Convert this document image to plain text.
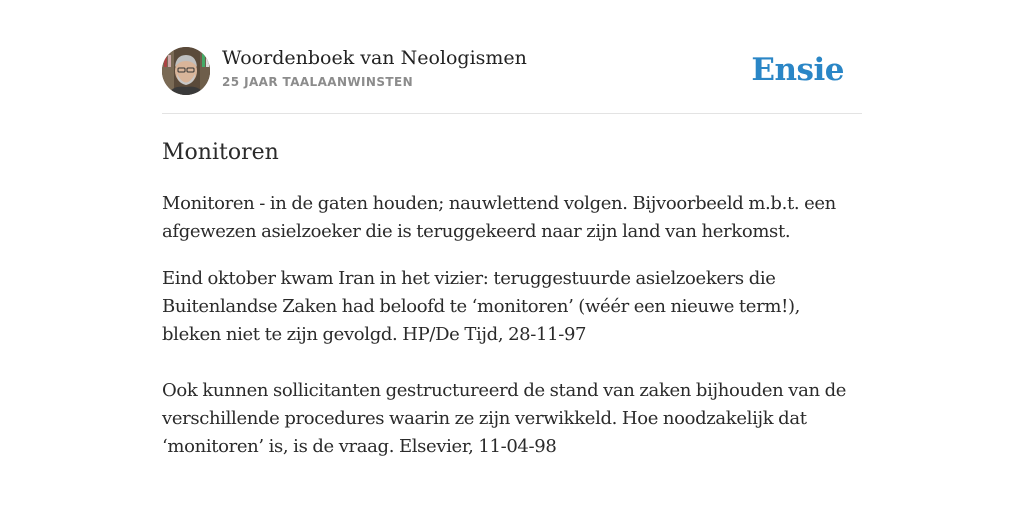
Woordenboek van Neologismen
25 JAAR TAALAANWINSTEN	Ensie
Monitoren

Monitoren - in de gaten houden; nauwlettend volgen. Bijvoorbeeld m.b.t. een afgewezen asielzoeker die is teruggekeerd naar zijn land van herkomst.

Eind oktober kwam Iran in het vizier: teruggestuurde asielzoekers die Buitenlandse Zaken had beloofd te ‘monitoren’ (wéér een nieuwe term!), bleken niet te zijn gevolgd. HP/De Tijd, 28-11-97

Ook kunnen sollicitanten gestructureerd de stand van zaken bijhouden van de verschillende procedures waarin ze zijn verwikkeld. Hoe noodzakelijk dat ‘monitoren’ is, is de vraag. Elsevier, 11-04-98
